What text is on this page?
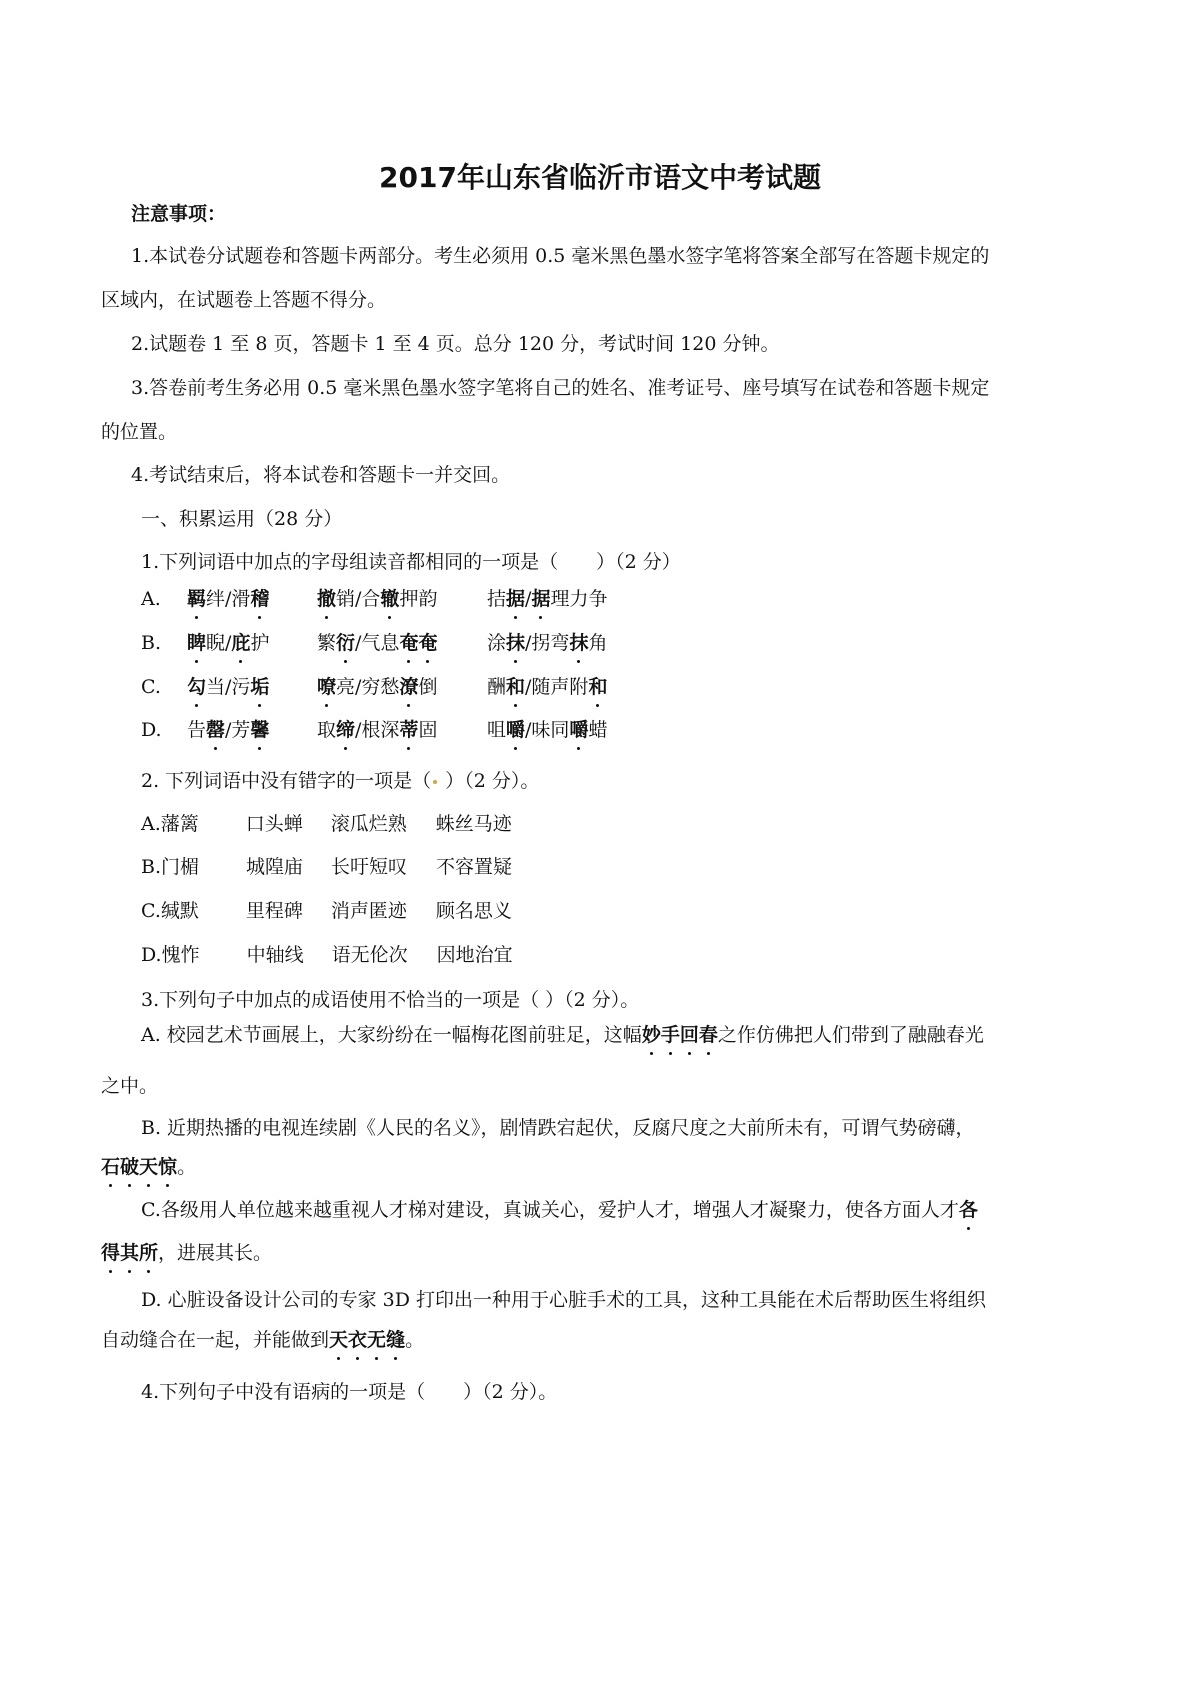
2017年山东省临沂市语文中考试题
注意事项：
1.本试卷分试题卷和答题卡两部分。考生必须用 0.5 毫米黑色墨水签字笔将答案全部写在答题卡规定的
区域内，在试题卷上答题不得分。
2.试题卷 1 至 8 页，答题卡 1 至 4 页。总分 120 分，考试时间 120 分钟。
3.答卷前考生务必用 0.5 毫米黑色墨水签字笔将自己的姓名、准考证号、座号填写在试卷和答题卡规定
的位置。
4.考试结束后，将本试卷和答题卡一并交回。
一、积累运用（28 分）
1.下列词语中加点的字母组读音都相同的一项是（　　）（2 分）
A. 羁绊/滑稽	撤销/合辙押韵	拮据/据理力争
B. 睥睨/庇护	繁衍/气息奄奄	涂抹/拐弯抹角
C. 勾当/污垢	嘹亮/穷愁潦倒	酬和/随声附和
D. 告罄/芳馨	取缔/根深蒂固	咀嚼/味同嚼蜡
2. 下列词语中没有错字的一项是（ ）（2 分）。
A.藩篱 口头蝉 滚瓜烂熟 蛛丝马迹
B.门楣 城隍庙 长吁短叹 不容置疑
C.缄默 里程碑 消声匿迹 顾名思义
D.愧怍 中轴线 语无伦次 因地治宜
3.下列句子中加点的成语使用不恰当的一项是（ ）（2 分）。
A. 校园艺术节画展上，大家纷纷在一幅梅花图前驻足，这幅妙手回春之作仿佛把人们带到了融融春光
之中。
B. 近期热播的电视连续剧《人民的名义》，剧情跌宕起伏，反腐尺度之大前所未有，可谓气势磅礴，
石破天惊。
C.各级用人单位越来越重视人才梯对建设，真诚关心，爱护人才，增强人才凝聚力，使各方面人才各
得其所，进展其长。
D. 心脏设备设计公司的专家 3D 打印出一种用于心脏手术的工具，这种工具能在术后帮助医生将组织
自动缝合在一起，并能做到天衣无缝。
4.下列句子中没有语病的一项是（　　）（2 分）。
